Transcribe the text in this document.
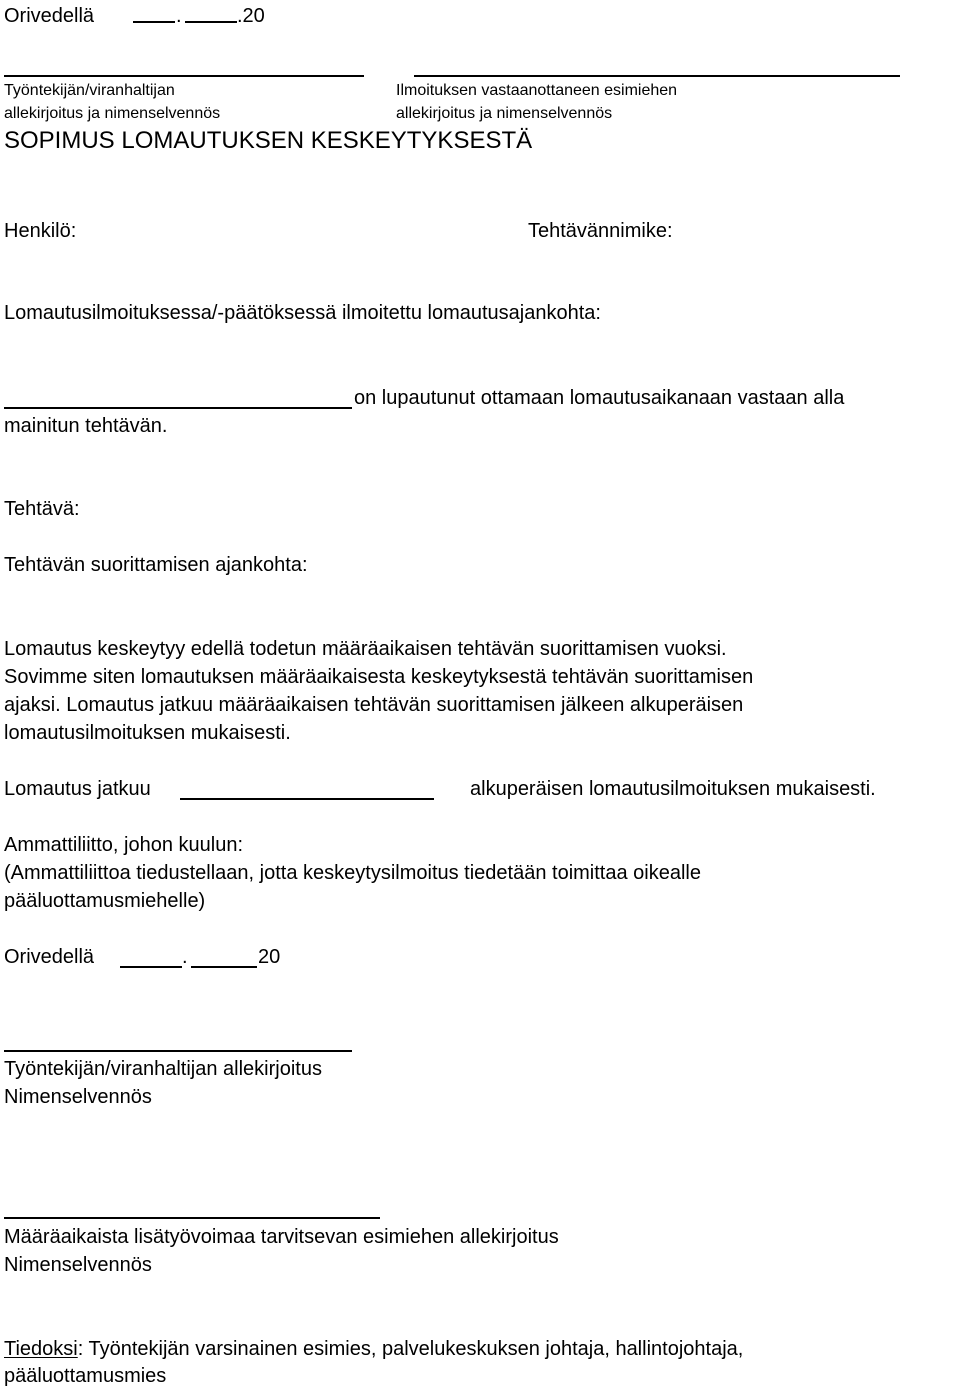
Orivedellä	.	.20
Työntekijän/viranhaltijan
allekirjoitus ja nimenselvennös
Ilmoituksen vastaanottaneen esimiehen
allekirjoitus ja nimenselvennös
SOPIMUS LOMAUTUKSEN KESKEYTYKSESTÄ
Henkilö:	Tehtävännimike:
Lomautusilmoituksessa/-päätöksessä ilmoitettu lomautusajankohta:
on lupautunut ottamaan lomautusaikanaan vastaan alla
mainitun tehtävän.
Tehtävä:
Tehtävän suorittamisen ajankohta:
Lomautus keskeytyy edellä todetun määräaikaisen tehtävän suorittamisen vuoksi.
Sovimme siten lomautuksen määräaikaisesta keskeytyksestä tehtävän suorittamisen
ajaksi. Lomautus jatkuu määräaikaisen tehtävän suorittamisen jälkeen alkuperäisen
lomautusilmoituksen mukaisesti.
Lomautus jatkuu	alkuperäisen lomautusilmoituksen mukaisesti.
Ammattiliitto, johon kuulun:
(Ammattiliittoa tiedustellaan, jotta keskeytysilmoitus tiedetään toimittaa oikealle
pääluottamusmiehelle)
Orivedellä	.	20
Työntekijän/viranhaltijan allekirjoitus
Nimenselvennös
Määräaikaista lisätyövoimaa tarvitsevan esimiehen allekirjoitus
Nimenselvennös
Tiedoksi: Työntekijän varsinainen esimies, palvelukeskuksen johtaja, hallintojohtaja,
pääluottamusmies
